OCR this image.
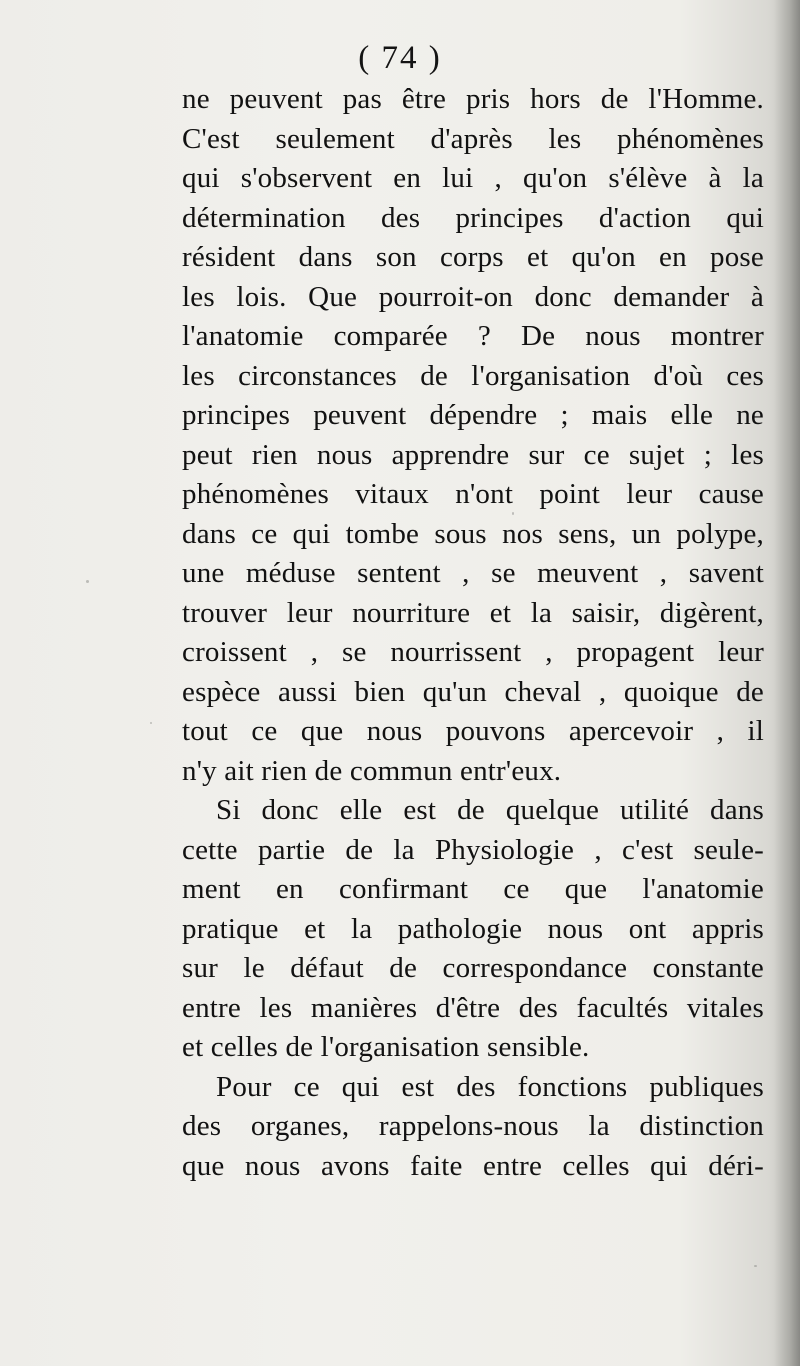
( 74 )
ne peuvent pas être pris hors de l'Homme.
C'est seulement d'après les phénomènes
qui s'observent en lui , qu'on s'élève à la
détermination des principes d'action qui
résident dans son corps et qu'on en pose
les lois. Que pourroit-on donc demander à
l'anatomie comparée ? De nous montrer
les circonstances de l'organisation d'où ces
principes peuvent dépendre ; mais elle ne
peut rien nous apprendre sur ce sujet ; les
phénomènes vitaux n'ont point leur cause
dans ce qui tombe sous nos sens, un polype,
une méduse sentent , se meuvent , savent
trouver leur nourriture et la saisir, digèrent,
croissent , se nourrissent , propagent leur
espèce aussi bien qu'un cheval , quoique de
tout ce que nous pouvons apercevoir , il
n'y ait rien de commun entr'eux.
Si donc elle est de quelque utilité dans
cette partie de la Physiologie , c'est seule-
ment en confirmant ce que l'anatomie
pratique et la pathologie nous ont appris
sur le défaut de correspondance constante
entre les manières d'être des facultés vitales
et celles de l'organisation sensible.
Pour ce qui est des fonctions publiques
des organes, rappelons-nous la distinction
que nous avons faite entre celles qui déri-
